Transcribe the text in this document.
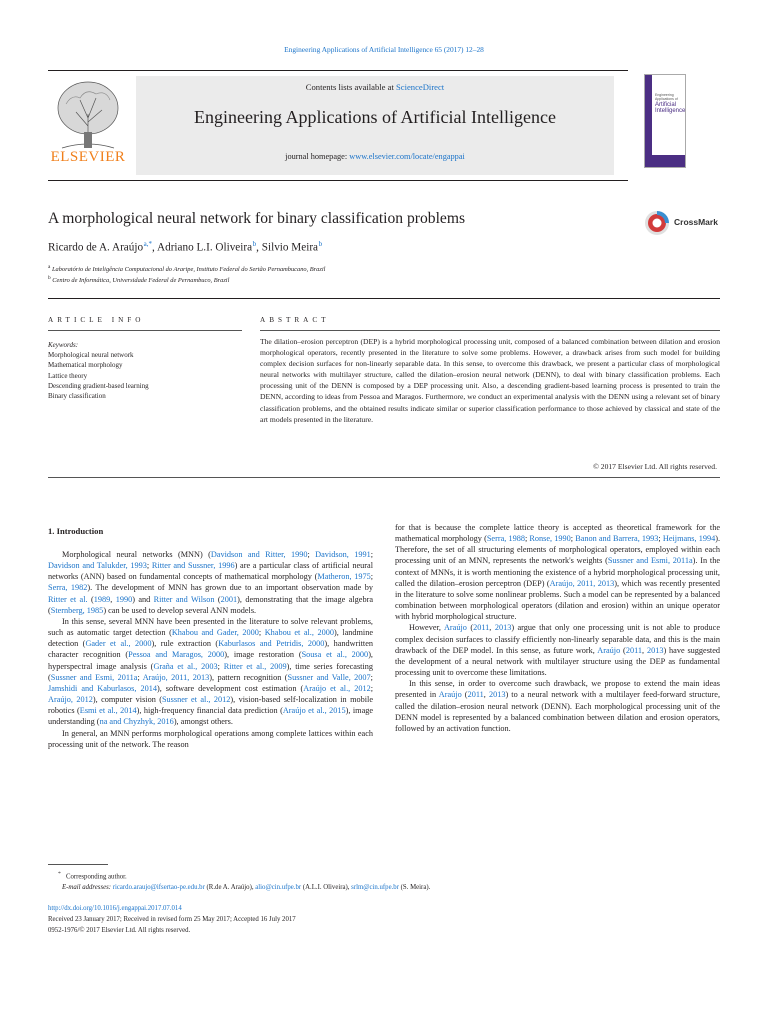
Engineering Applications of Artificial Intelligence 65 (2017) 12–28
ELSEVIER
Contents lists available at ScienceDirect
Engineering Applications of Artificial Intelligence
journal homepage: www.elsevier.com/locate/engappai
Engineering Applications of
Artificial Intelligence
A morphological neural network for binary classification problems	CrossMark
Ricardo de A. Araújo $^{a,*}$, Adriano L.I. Oliveira $^b$, Silvio Meira $^b$
$^a$ Laboratório de Inteligência Computacional do Araripe, Instituto Federal do Sertão Pernambucano, Brazil
$^b$ Centro de Informática, Universidade Federal de Pernambuco, Brazil
ARTICLE INFO	ABSTRACT
Keywords:
Morphological neural network
Mathematical morphology
Lattice theory
Descending gradient-based learning
Binary classification
The dilation–erosion perceptron (DEP) is a hybrid morphological processing unit, composed of a balanced combination between dilation and erosion morphological operators, recently presented in the literature to solve some problems. However, a drawback arises from such model for building complex decision surfaces for non-linearly separable data. In this sense, to overcome this drawback, we present a particular class of morphological neural networks with multilayer structure, called the dilation–erosion neural network (DENN), to deal with binary classification problems. Each processing unit of the DENN is composed by a DEP processing unit. Also, a descending gradient-based learning process is presented to train the DENN, according to ideas from Pessoa and Maragos. Furthermore, we conduct an experimental analysis with the DENN using a relevant set of binary classification problems, and the obtained results indicate similar or superior classification performance to those achieved by classical and state of the art models presented in the literature.
© 2017 Elsevier Ltd. All rights reserved.
1. Introduction

Morphological neural networks (MNN) (Davidson and Ritter, 1990; Davidson, 1991; Davidson and Talukder, 1993; Ritter and Sussner, 1996) are a particular class of artificial neural networks (ANN) based on fundamental concepts of mathematical morphology (Matheron, 1975; Serra, 1982). The development of MNN has grown due to an important observation made by Ritter et al. (1989, 1990) and Ritter and Wilson (2001), demonstrating that the image algebra (Sternberg, 1985) can be used to develop several ANN models.

In this sense, several MNN have been presented in the literature to solve relevant problems, such as automatic target detection (Khabou and Gader, 2000; Khabou et al., 2000), landmine detection (Gader et al., 2000), rule extraction (Kaburlasos and Petridis, 2000), handwritten character recognition (Pessoa and Maragos, 2000), image restoration (Sousa et al., 2000), hyperspectral image analysis (Graña et al., 2003; Ritter et al., 2009), time series forecasting (Sussner and Esmi, 2011a; Araújo, 2011, 2013), pattern recognition (Sussner and Valle, 2007; Jamshidi and Kaburlasos, 2014), software development cost estimation (Araújo et al., 2012; Araújo, 2012), computer vision (Sussner et al., 2012), vision-based self-localization in mobile robotics (Esmi et al., 2014), high-frequency financial data prediction (Araújo et al., 2015), image understanding (na and Chyzhyk, 2016), amongst others.

In general, an MNN performs morphological operations among complete lattices within each processing unit of the network. The reason

for that is because the complete lattice theory is accepted as theoretical framework for the mathematical morphology (Serra, 1988; Ronse, 1990; Banon and Barrera, 1993; Heijmans, 1994). Therefore, the set of all structuring elements of morphological operators, employed within each processing unit of an MNN, represents the network's weights (Sussner and Esmi, 2011a). In the context of MNNs, it is worth mentioning the existence of a hybrid morphological processing unit, called the dilation–erosion perceptron (DEP) (Araújo, 2011, 2013), which was recently presented in the literature to solve some nonlinear problems. Such a model can be represented by a balanced combination between morphological operators (dilation and erosion) within an unique operator with hybrid morphological structure.

However, Araújo (2011, 2013) argue that only one processing unit is not able to produce complex decision surfaces to classify efficiently non-linearly separable data, and this is the main drawback of the DEP model. In this sense, as future work, Araújo (2011, 2013) have suggested the development of a neural network with multilayer structure using the DEP as fundamental processing unit to overcome these limitations.

In this sense, in order to overcome such drawback, we propose to extend the main ideas presented in Araújo (2011, 2013) to a neural network with a multilayer feed-forward structure, called the dilation–erosion neural network (DENN). Each morphological processing unit of the DENN model is represented by a balanced combination between dilation and erosion operators, followed by an activation function.

* Corresponding author.
E-mail addresses: ricardo.araujo@ifsertao-pe.edu.br (R.de A. Araújo), alio@cin.ufpe.br (A.L.I. Oliveira), srlm@cin.ufpe.br (S. Meira).
http://dx.doi.org/10.1016/j.engappai.2017.07.014
Received 23 January 2017; Received in revised form 25 May 2017; Accepted 16 July 2017
0952-1976/© 2017 Elsevier Ltd. All rights reserved.
